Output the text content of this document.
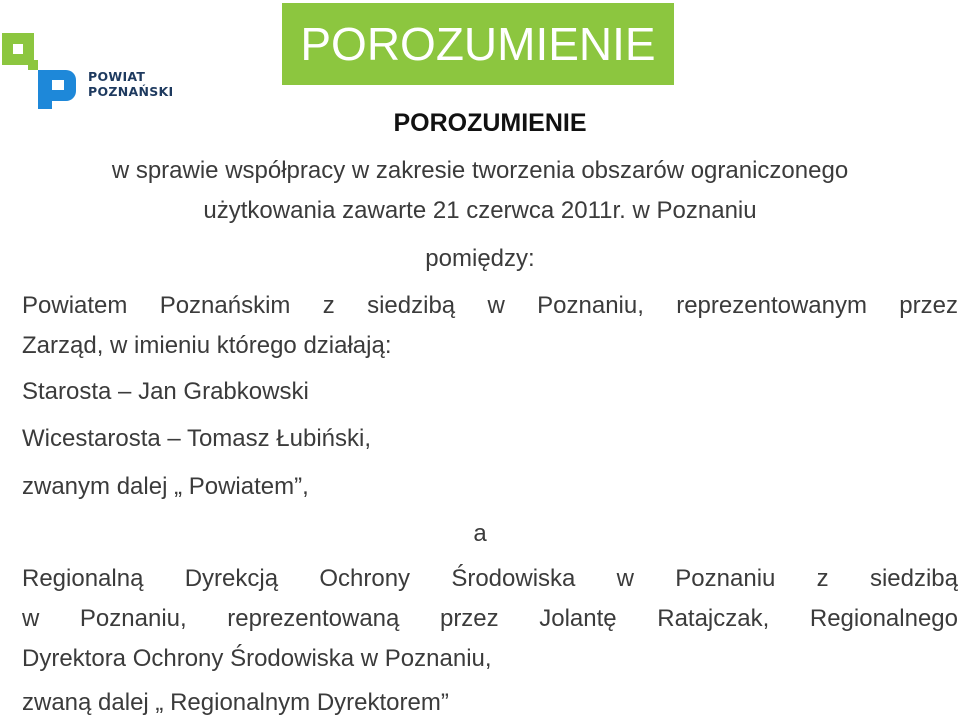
POROZUMIENIE
POWIAT
POZNAŃSKI
POROZUMIENIE
w sprawie współpracy w zakresie tworzenia obszarów ograniczonego
użytkowania zawarte 21 czerwca 2011r. w Poznaniu
pomiędzy:
Powiatem Poznańskim z siedzibą w Poznaniu, reprezentowanym przez
Zarząd, w imieniu którego działają:
Starosta – Jan Grabkowski
Wicestarosta – Tomasz Łubiński,
zwanym dalej „ Powiatem”,
a
Regionalną Dyrekcją Ochrony Środowiska w Poznaniu z siedzibą
w Poznaniu, reprezentowaną przez Jolantę Ratajczak, Regionalnego
Dyrektora Ochrony Środowiska w Poznaniu,
zwaną dalej „ Regionalnym Dyrektorem”
